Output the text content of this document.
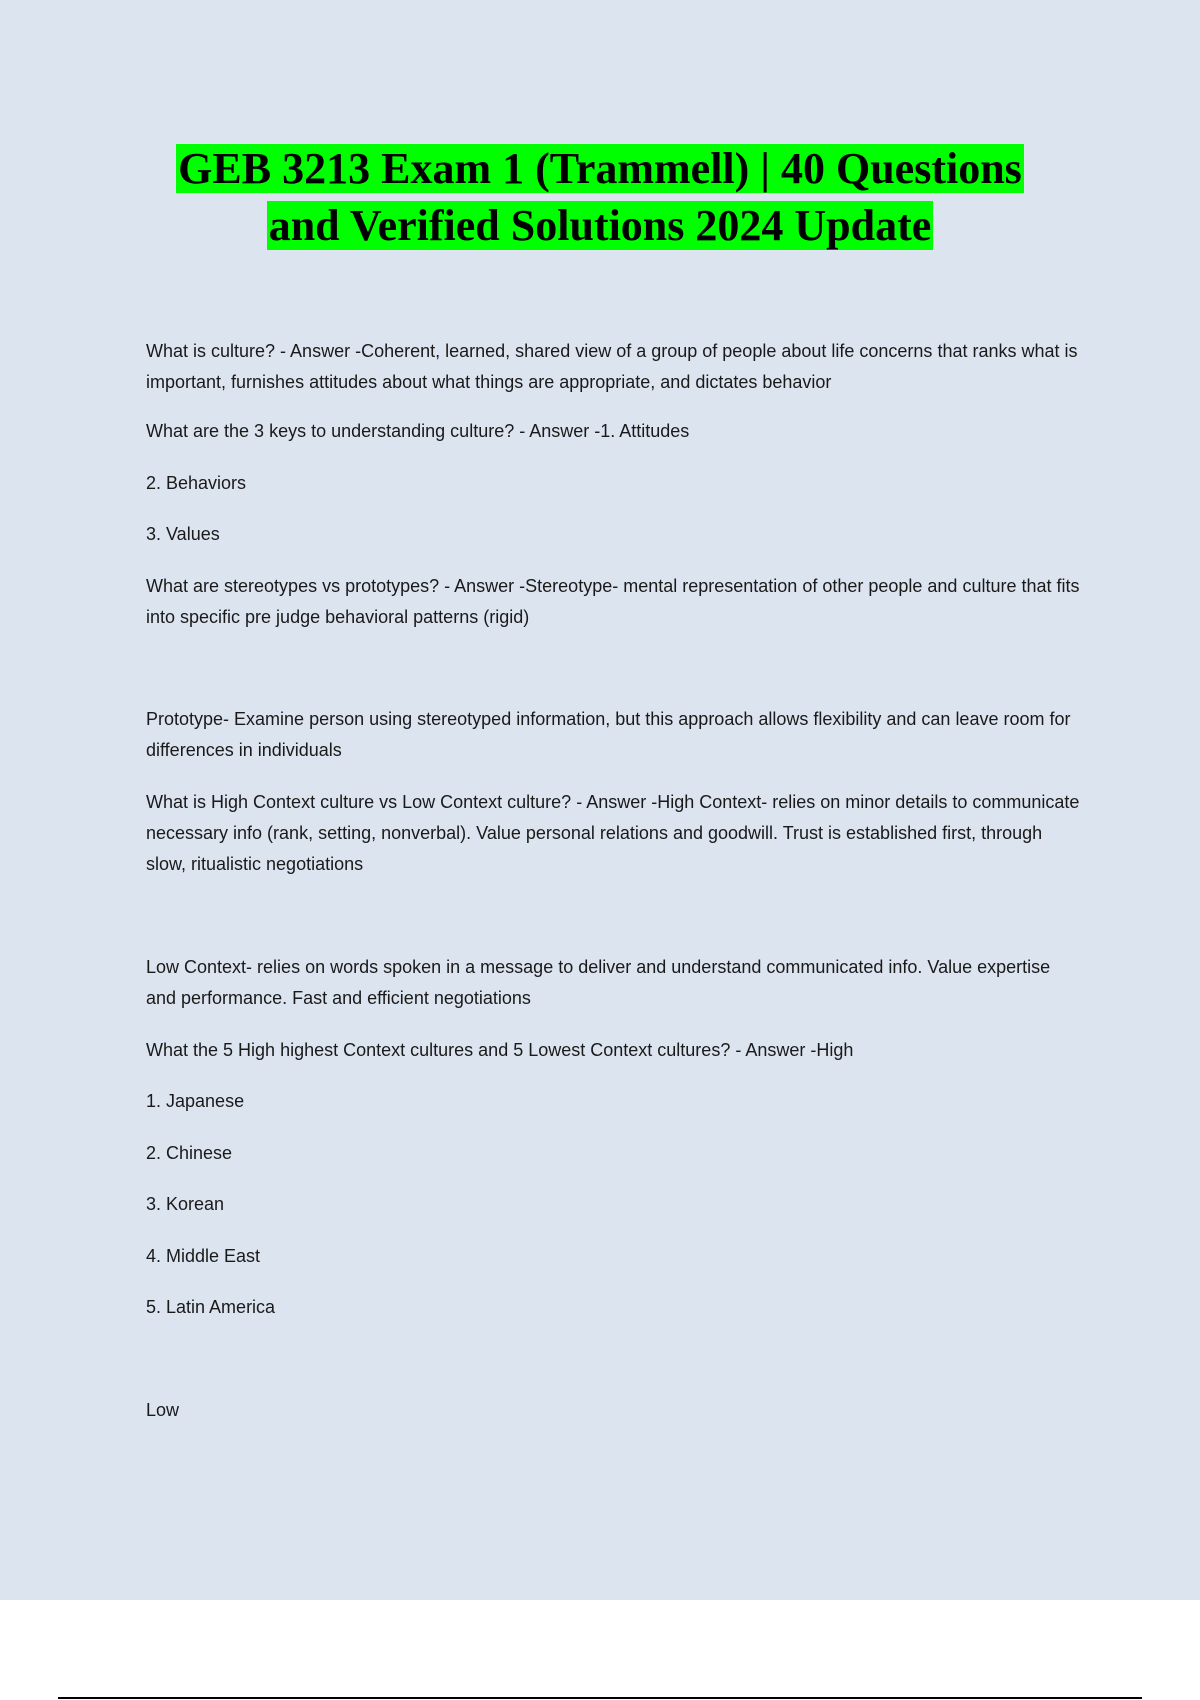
GEB 3213 Exam 1 (Trammell) | 40 Questions
and Verified Solutions 2024 Update

What is culture? - Answer -Coherent, learned, shared view of a group of people about life concerns that ranks what is important, furnishes attitudes about what things are appropriate, and dictates behavior

What are the 3 keys to understanding culture? - Answer -1. Attitudes

2. Behaviors

3. Values

What are stereotypes vs prototypes? - Answer -Stereotype- mental representation of other people and culture that fits into specific pre judge behavioral patterns (rigid)

Prototype- Examine person using stereotyped information, but this approach allows flexibility and can leave room for differences in individuals

What is High Context culture vs Low Context culture? - Answer -High Context- relies on minor details to communicate necessary info (rank, setting, nonverbal). Value personal relations and goodwill. Trust is established first, through slow, ritualistic negotiations

Low Context- relies on words spoken in a message to deliver and understand communicated info. Value expertise and performance. Fast and efficient negotiations

What the 5 High highest Context cultures and 5 Lowest Context cultures? - Answer -High

1. Japanese

2. Chinese

3. Korean

4. Middle East

5. Latin America

Low
